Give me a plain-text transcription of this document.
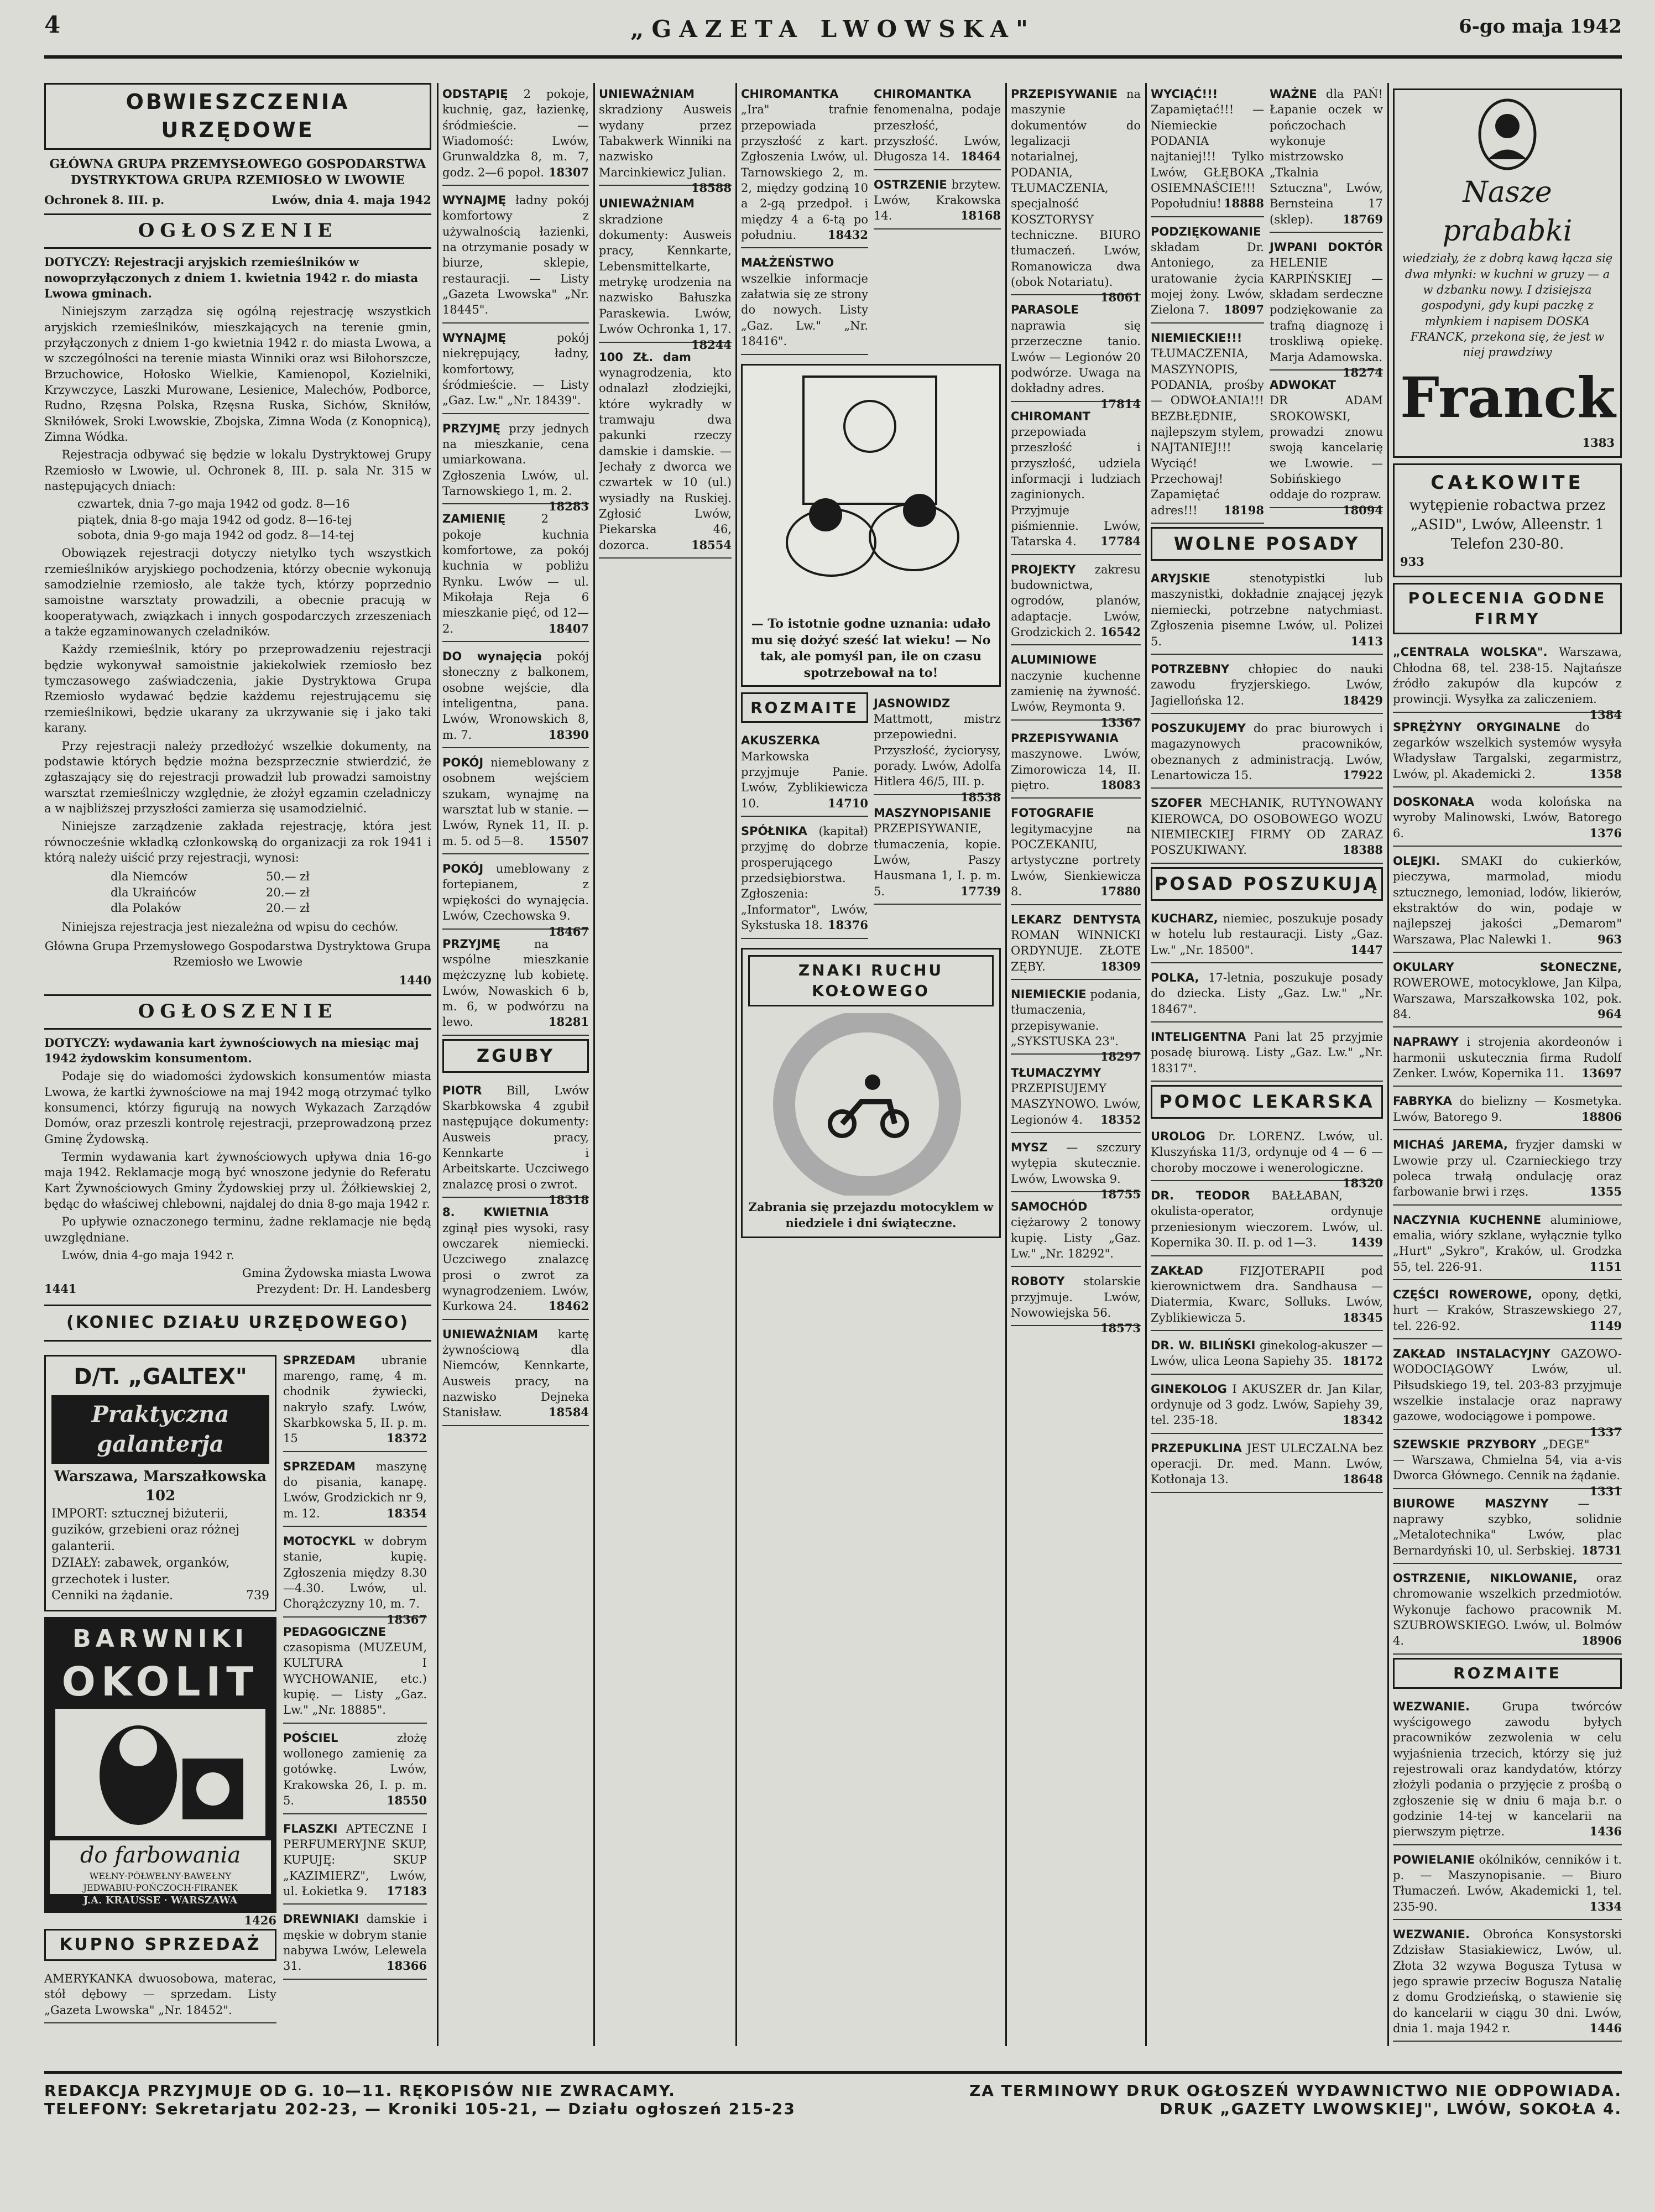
4	„GAZETA LWOWSKA"	6-go maja 1942
OBWIESZCZENIA URZĘDOWE
GŁÓWNA GRUPA PRZEMYSŁOWEGO GOSPODARSTWA DYSTRYKTOWA GRUPA RZEMIOSŁO W LWOWIE
Ochronek 8. III. p.	Lwów, dnia 4. maja 1942
OGŁOSZENIE
DOTYCZY: Rejestracji aryjskich rzemieślników w nowoprzyłączonych z dniem 1. kwietnia 1942 r. do miasta Lwowa gminach.
Niniejszym zarządza się ogólną rejestrację wszystkich aryjskich rzemieślników, mieszkających na terenie gmin, przyłączonych z dniem 1-go kwietnia 1942 r. do miasta Lwowa, a w szczególności na terenie miasta Winniki oraz wsi Biłohorszcze, Brzuchowice, Hołosko Wielkie, Kamienopol, Kozielniki, Krzywczyce, Laszki Murowane, Lesienice, Malechów, Podborce, Rudno, Rzęsna Polska, Rzęsna Ruska, Sichów, Skniłów, Skniłówek, Sroki Lwowskie, Zbojska, Zimna Woda (z Konopnicą), Zimna Wódka.
Rejestracja odbywać się będzie w lokalu Dystryktowej Grupy Rzemiosło w Lwowie, ul. Ochronek 8, III. p. sala Nr. 315 w następujących dniach:
czwartek, dnia 7-go maja 1942 od godz. 8—16
piątek, dnia 8-go maja 1942 od godz. 8—16-tej
sobota, dnia 9-go maja 1942 od godz. 8—14-tej
Obowiązek rejestracji dotyczy nietylko tych wszystkich rzemieślników aryjskiego pochodzenia, którzy obecnie wykonują samodzielnie rzemiosło, ale także tych, którzy poprzednio samoistne warsztaty prowadzili, a obecnie pracują w kooperatywach, związkach i innych gospodarczych zrzeszeniach a także egzaminowanych czeladników.
Każdy rzemieślnik, który po przeprowadzeniu rejestracji będzie wykonywał samoistnie jakiekolwiek rzemiosło bez tymczasowego zaświadczenia, jakie Dystryktowa Grupa Rzemiosło wydawać będzie każdemu rejestrującemu się rzemieślnikowi, będzie ukarany za ukrzywanie się i jako taki karany.
Przy rejestracji należy przedłożyć wszelkie dokumenty, na podstawie których będzie można bezsprzecznie stwierdzić, że zgłaszający się do rejestracji prowadził lub prowadzi samoistny warsztat rzemieślniczy względnie, że złożył egzamin czeladniczy a w najbliższej przyszłości zamierza się usamodzielnić.
Niniejsze zarządzenie zakłada rejestrację, która jest równocześnie wkładką członkowską do organizacji za rok 1941 i którą należy uiścić przy rejestracji, wynosi:
dla Niemców	50.— zł
dla Ukraińców	20.— zł
dla Polaków	20.— zł
Niniejsza rejestracja jest niezależna od wpisu do cechów.
Główna Grupa Przemysłowego Gospodarstwa Dystryktowa Grupa Rzemiosło we Lwowie
1440
OGŁOSZENIE
DOTYCZY: wydawania kart żywnościowych na miesiąc maj 1942 żydowskim konsumentom.
Podaje się do wiadomości żydowskich konsumentów miasta Lwowa, że kartki żywnościowe na maj 1942 mogą otrzymać tylko konsumenci, którzy figurują na nowych Wykazach Zarządów Domów, oraz przeszli kontrolę rejestracji, przeprowadzoną przez Gminę Żydowską.
Termin wydawania kart żywnościowych upływa dnia 16-go maja 1942. Reklamacje mogą być wnoszone jedynie do Referatu Kart Żywnościowych Gminy Żydowskiej przy ul. Żółkiewskiej 2, będąc do właściwej chlebowni, najdalej do dnia 8-go maja 1942 r.
Po upływie oznaczonego terminu, żadne reklamacje nie będą uwzględniane.
Lwów, dnia 4-go maja 1942 r.
Gmina Żydowska miasta Lwowa
1441	Prezydent: Dr. H. Landesberg
(KONIEC DZIAŁU URZĘDOWEGO)
D/T. „GALTEX"
Praktyczna galanterja
Warszawa, Marszałkowska 102
IMPORT: sztucznej biżuterii, guzików, grzebieni oraz różnej galanterii.
DZIAŁY: zabawek, organków, grzechotek i luster.
Cenniki na żądanie.	739
BARWNIKI
OKOLIT
do farbowania
WEŁNY·PÓŁWEŁNY·BAWEŁNY JEDWABIU·POŃCZOCH·FIRANEK
J.A. KRAUSSE · WARSZAWA
1426
KUPNO SPRZEDAŻ
AMERYKANKA dwuosobowa, materac, stół dębowy — sprzedam. Listy „Gazeta Lwowska" „Nr. 18452".
SPRZEDAM ubranie marengo, ramę, 4 m. chodnik żywiecki, nakryło szafy. Lwów, Skarbkowska 5, II. p. m. 15	18372
SPRZEDAM maszynę do pisania, kanapę. Lwów, Grodzickich nr 9, m. 12.	18354
MOTOCYKL w dobrym stanie, kupię. Zgłoszenia między 8.30—4.30. Lwów, ul. Chorążczyzny 10, m. 7.
18367
PEDAGOGICZNE czasopisma (MUZEUM, KULTURA I WYCHOWANIE, etc.) kupię. — Listy „Gaz. Lw." „Nr. 18885".
POŚCIEL	złożę wollonego zamienię za gotówkę. Lwów, Krakowska 26, I. p. m. 5.	18550
FLASZKI APTECZNE I PERFUMERYJNE SKUP, KUPUJĘ: SKUP „KAZIMIERZ", Lwów, ul. Łokietka 9. 17183
DREWNIAKI damskie i męskie w dobrym stanie nabywa Lwów, Lelewela 31.	18366
ODSTĄPIĘ 2 pokoje, kuchnię, gaz, łazienkę, śródmieście. — Wiadomość: Lwów, Grunwaldzka 8, m. 7, godz. 2—6 popoł. 18307
WYNAJMĘ ładny pokój komfortowy z używalnością łazienki, na otrzymanie posady w biurze, sklepie, restauracji. — Listy „Gazeta Lwowska" „Nr. 18445".
WYNAJMĘ	pokój niekrępujący, ładny, komfortowy, śródmieście. — Listy „Gaz. Lw." „Nr. 18439".
PRZYJMĘ przy jednych na mieszkanie, cena umiarkowana. Zgłoszenia Lwów, ul. Tarnowskiego 1, m. 2.
18283
ZAMIENIĘ	2 pokoje kuchnia komfortowe, za pokój kuchnia w pobliżu Rynku. Lwów — ul. Mikołaja Reja 6 mieszkanie pięć, od 12—2.	18407
DO wynajęcia pokój słoneczny z balkonem, osobne wejście, dla inteligentna, pana. Lwów, Wronowskich 8, m. 7.	18390
POKÓJ niemeblowany z osobnem wejściem szukam, wynajmę na warsztat lub w stanie. — Lwów, Rynek 11, II. p. m. 5. od 5—8. 15507
POKÓJ umeblowany z fortepianem, z wpiękości do wynajęcia. Lwów, Czechowska 9.
18467
PRZYJMĘ	na wspólne mieszkanie mężczyznę lub kobietę. Lwów, Nowaskich 6 b, m. 6, w podwórzu na lewo.	18281
ZGUBY
PIOTR Bill, Lwów Skarbkowska 4 zgubił następujące dokumenty: Ausweis pracy, Kennkarte i Arbeitskarte. Uczciwego znalazcę prosi o zwrot.
18318
8. KWIETNIA zginął pies wysoki, rasy owczarek niemiecki. Uczciwego znalazcę prosi o zwrot za wynagrodzeniem. Lwów, Kurkowa 24.	18462
UNIEWAŻNIAM kartę żywnościową dla Niemców, Kennkarte, Ausweis pracy, na nazwisko Dejneka Stanisław.	18584
UNIEWAŻNIAM skradziony Ausweis wydany przez Tabakwerk Winniki na nazwisko Marcinkiewicz Julian.
18588
UNIEWAŻNIAM skradzione dokumenty: Ausweis pracy, Kennkarte, Lebensmittelkarte, metrykę urodzenia na nazwisko Bałuszka Paraskewia. Lwów, Lwów Ochronka 1, 17.
18244
100 ZŁ. dam wynagrodzenia, kto odnalazł złodziejki, które wykradły w tramwaju dwa pakunki rzeczy damskie i damskie. — Jechały z dworca we czwartek w 10 (ul.) wysiadły na Ruskiej. Zgłosić Lwów, Piekarska 46, dozorca.	18554
CHIROMANTKA „Ira" trafnie przepowiada przyszłość z kart. Zgłoszenia Lwów, ul. Tarnowskiego 2, m. 2, między godziną 10 a 2-gą przedpoł. i między 4 a 6-tą po południu.	18432
MAŁŻEŃSTWO wszelkie informacje załatwia się ze strony do nowych. Listy „Gaz. Lw." „Nr. 18416".
CHIROMANTKA fenomenalna, podaje przeszłość, przyszłość. Lwów, Długosza 14. 18464
OSTRZENIE brzytew. Lwów, Krakowska 14.	18168
— To istotnie godne uznania: udało mu się dożyć sześć lat wieku! — No tak, ale pomyśl pan, ile on czasu spotrzebował na to!
ROZMAITE
AKUSZERKA Markowska przyjmuje Panie. Lwów, Zyblikiewicza 10.	14710
SPÓŁNIKA (kapitał) przyjmę do dobrze prosperującego przedsiębiorstwa. Zgłoszenia: „Informator", Lwów, Sykstuska 18. 18376
JASNOWIDZ Mattmott, mistrz przepowiedni. Przyszłość, życiorysy, porady. Lwów, Adolfa Hitlera 46/5, III. p.
18538
MASZYNOPISANIE PRZEPISYWANIE, tłumaczenia, kopie. Lwów, Paszy Hausmana 1, I. p. m. 5.	17739
ZNAKI RUCHU KOŁOWEGO
Zabrania się przejazdu motocyklem w niedziele i dni świąteczne.
PRZEPISYWANIE na maszynie dokumentów do legalizacji notarialnej, PODANIA, TŁUMACZENIA, specjalność KOSZTORYSY techniczne. BIURO tłumaczeń. Lwów, Romanowicza dwa (obok Notariatu).
18061
PARASOLE naprawia się przerzeczne tanio. Lwów — Legionów 20 podwórze. Uwaga na dokładny adres.
17814
CHIROMANT przepowiada przeszłość i przyszłość, udziela informacji i ludziach zaginionych. Przyjmuje piśmiennie. Lwów, Tatarska 4. 17784
PROJEKTY zakresu budownictwa, ogrodów, planów, adaptacje. Lwów, Grodzickich 2. 16542
ALUMINIOWE naczynie kuchenne zamienię na żywność. Lwów, Reymonta 9.
13367
PRZEPISYWANIA maszynowe. Lwów, Zimorowicza 14, II. piętro.	18083
FOTOGRAFIE legitymacyjne na POCZEKANIU, artystyczne portrety Lwów, Sienkiewicza 8.	17880
LEKARZ DENTYSTA ROMAN WINNICKI ORDYNUJE. ZŁOTE ZĘBY.	18309
NIEMIECKIE podania, tłumaczenia, przepisywanie. „SYKSTUSKA 23".
18297
TŁUMACZYMY PRZEPISUJEMY MASZYNOWO. Lwów, Legionów 4. 18352
MYSZ — szczury wytępia skutecznie. Lwów, Lwowska 9.
18755
SAMOCHÓD ciężarowy 2 tonowy kupię. Listy „Gaz. Lw." „Nr. 18292".
ROBOTY stolarskie przyjmuje. Lwów, Nowowiejska 56.
18573
WYCIĄĆ!!! Zapamiętać!!! — Niemieckie PODANIA najtaniej!!! Tylko Lwów, GŁĘBOKA OSIEMNAŚCIE!!! Popołudniu! 18888
PODZIĘKOWANIE składam Dr. Antoniego, za uratowanie życia mojej żony. Lwów, Zielona 7. 18097
NIEMIECKIE!!! TŁUMACZENIA, MASZYNOPIS, PODANIA, prośby — ODWOŁANIA!!! BEZBŁĘDNIE, najlepszym stylem, NAJTANIEJ!!! Wyciąć! Przechowaj! Zapamiętać adres!!! 18198
WAŻNE dla PAŃ! Łapanie oczek w pończochach wykonuje mistrzowsko „Tkalnia Sztuczna", Lwów, Bernsteina 17 (sklep).	18769
JWPANI DOKTÓR HELENIE KARPIŃSKIEJ — składam serdeczne podziękowanie za trafną diagnozę i troskliwą opiekę. Marja Adamowska.
18274
ADWOKAT DR ADAM SROKOWSKI, prowadzi znowu swoją kancelarię we Lwowie. — Sobińskiego oddaje do rozpraw.
18094
WOLNE POSADY
ARYJSKIE	stenotypistki lub maszynistki, dokładnie znającej język niemiecki, potrzebne natychmiast. Zgłoszenia pisemne Lwów, ul. Polizei 5.	1413
POTRZEBNY chłopiec do nauki zawodu fryzjerskiego. Lwów, Jagiellońska 12.	18429
POSZUKUJEMY do prac biurowych i magazynowych pracowników, obeznanych z administracją. Lwów, Lenartowicza 15.	17922
SZOFER MECHANIK, RUTYNOWANY KIEROWCA, DO OSOBOWEGO WOZU NIEMIECKIEJ FIRMY OD ZARAZ POSZUKIWANY.	18388
POSAD POSZUKUJĄ
KUCHARZ, niemiec, poszukuje posady w hotelu lub restauracji. Listy „Gaz. Lw." „Nr. 18500".	1447
POLKA, 17-letnia, poszukuje posady do dziecka. Listy „Gaz. Lw." „Nr. 18467".
INTELIGENTNA Pani lat 25 przyjmie posadę biurową. Listy „Gaz. Lw." „Nr. 18317".
POMOC LEKARSKA
UROLOG Dr. LORENZ. Lwów, ul. Kluszyńska 11/3, ordynuje od 4 — 6 — choroby moczowe i wenerologiczne.
18320
DR. TEODOR BAŁŁABAN, okulista-operator, ordynuje przeniesionym wieczorem. Lwów, ul. Kopernika 30. II. p. od 1—3.	1439
ZAKŁAD	FIZJOTERAPII pod kierownictwem dra. Sandhausa — Diatermia, Kwarc, Solluks. Lwów, Zyblikiewicza 5.	18345
DR. W. BILIŃSKI ginekolog-akuszer — Lwów, ulica Leona Sapiehy 35. 18172
GINEKOLOG I AKUSZER dr. Jan Kilar, ordynuje od 3 godz. Lwów, Sapiehy 39, tel. 235-18.	18342
PRZEPUKLINA JEST ULECZALNA bez operacji. Dr. med. Mann. Lwów, Kotłonaja 13.	18648
Nasze prababki
wiedziały, że z dobrą kawą łącza się dwa młynki: w kuchni w gruzy — a w dzbanku nowy. I dzisiejsza gospodyni, gdy kupi paczkę z młynkiem i napisem DOSKA FRANCK, przekona się, że jest w niej prawdziwy
Franck
1383
CAŁKOWITE
wytępienie robactwa przez „ASID", Lwów, Alleenstr. 1 Telefon 230-80.
933
POLECENIA GODNE FIRMY
„CENTRALA WOLSKA". Warszawa, Chłodna 68, tel. 238-15. Najtańsze źródło zakupów dla kupców z prowincji. Wysyłka za zaliczeniem.
1384
SPRĘŻYNY ORYGINALNE do zegarków wszelkich systemów wysyła Władysław Targalski, zegarmistrz, Lwów, pl. Akademicki 2.	1358
DOSKONAŁA woda kolońska na wyroby Malinowski, Lwów, Batorego 6.	1376
OLEJKI. SMAKI do cukierków, pieczywa, marmolad, miodu sztucznego, lemoniad, lodów, likierów, ekstraktów do win, podaje w najlepszej jakości „Demarom" Warszawa, Plac Nalewki 1.	963
OKULARY SŁONECZNE, ROWEROWE, motocyklowe, Jan Kilpa, Warszawa, Marszałkowska 102, pok. 84.	964
NAPRAWY i strojenia akordeonów i harmonii uskutecznia firma Rudolf Zenker. Lwów, Kopernika 11. 13697
FABRYKA do bielizny — Kosmetyka. Lwów, Batorego 9.	18806
MICHAŚ JAREMA, fryzjer damski w Lwowie przy ul. Czarnieckiego trzy poleca trwałą ondulację oraz farbowanie brwi i rzęs.	1355
NACZYNIA KUCHENNE aluminiowe, emalia, wióry szklane, wyłącznie tylko „Hurt" „Sykro", Kraków, ul. Grodzka 55, tel. 226-91.	1151
CZĘŚCI ROWEROWE, opony, dętki, hurt — Kraków, Straszewskiego 27, tel. 226-92.	1149
ZAKŁAD INSTALACYJNY GAZOWO-WODOCIĄGOWY Lwów, ul. Piłsudskiego 19, tel. 203-83 przyjmuje wszelkie instalacje oraz naprawy gazowe, wodociągowe i pompowe.
1337
SZEWSKIE PRZYBORY „DEGE" — Warszawa, Chmielna 54, via a-vis Dworca Głównego. Cennik na żądanie.
1331
BIUROWE MASZYNY	— naprawy szybko, solidnie „Metalotechnika" Lwów, plac Bernardyński 10, ul. Serbskiej. 18731
OSTRZENIE, NIKLOWANIE, oraz chromowanie wszelkich przedmiotów. Wykonuje fachowo pracownik M. SZUBROWSKIEGO. Lwów, ul. Bolmów 4.	18906
ROZMAITE
WEZWANIE.	Grupa twórców wyścigowego zawodu byłych pracowników zezwolenia w celu wyjaśnienia trzecich, którzy się już rejestrowali oraz kandydatów, którzy złożyli podania o przyjęcie z prośbą o zgłoszenie się w dniu 6 maja b.r. o godzinie 14-tej w kancelarii na pierwszym piętrze.	1436
POWIELANIE okólników, cenników i t. p. — Maszynopisanie. — Biuro Tłumaczeń. Lwów, Akademicki 1, tel. 235-90.	1334
WEZWANIE. Obrońca Konsystorski Zdzisław Stasiakiewicz, Lwów, ul. Złota 32 wzywa Bogusza Tytusa w jego sprawie przeciw Bogusza Natalię z domu Grodzieńską, o stawienie się do kancelarii w ciągu 30 dni. Lwów, dnia 1. maja 1942 r.	1446
REDAKCJA PRZYJMUJE OD G. 10—11. RĘKOPISÓW NIE ZWRACAMY.
TELEFONY: Sekretarjatu 202-23, — Kroniki 105-21, — Działu ogłoszeń 215-23
ZA TERMINOWY DRUK OGŁOSZEŃ WYDAWNICTWO NIE ODPOWIADA.
DRUK „GAZETY LWOWSKIEJ", LWÓW, SOKOŁA 4.
